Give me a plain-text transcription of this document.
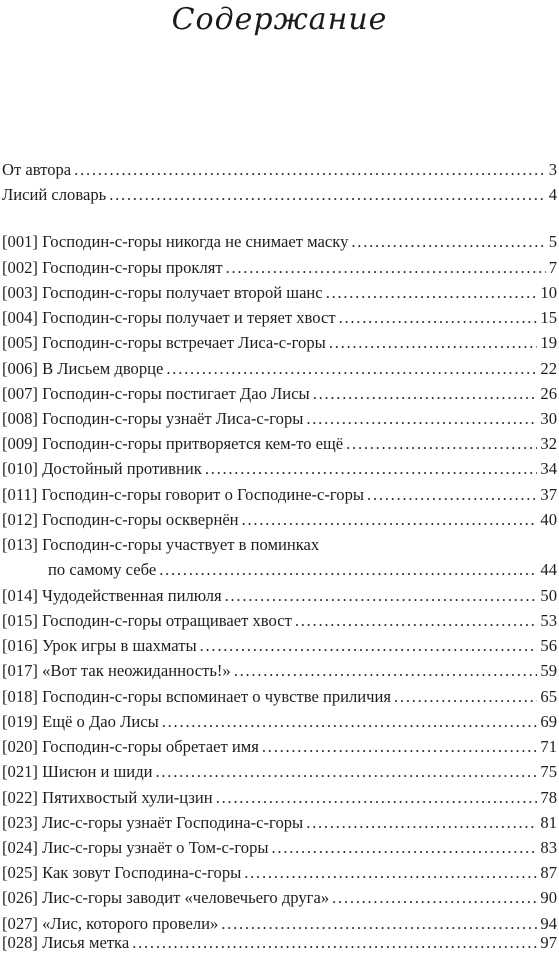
Содержание
От автора . . .	3
Лисий словарь . . .	4
[001] Господин-с-горы никогда не снимает маску . . .	5
[002] Господин-с-горы проклят . . .	7
[003] Господин-с-горы получает второй шанс . . .	10
[004] Господин-с-горы получает и теряет хвост . . .	15
[005] Господин-с-горы встречает Лиса-с-горы . . .	19
[006] В Лисьем дворце . . .	22
[007] Господин-с-горы постигает Дао Лисы . . .	26
[008] Господин-с-горы узнаёт Лиса-с-горы . . .	30
[009] Господин-с-горы притворяется кем-то ещё . . .	32
[010] Достойный противник . . .	34
[011] Господин-с-горы говорит о Господине-с-горы . . .	37
[012] Господин-с-горы осквернён . . .	40
[013] Господин-с-горы участвует в поминках
по самому себе . . .	44
[014] Чудодейственная пилюля . . .	50
[015] Господин-с-горы отращивает хвост . . .	53
[016] Урок игры в шахматы . . .	56
[017] «Вот так неожиданность!» . . .	59
[018] Господин-с-горы вспоминает о чувстве приличия . . .	65
[019] Ещё о Дао Лисы . . .	69
[020] Господин-с-горы обретает имя . . .	71
[021] Шисюн и шиди . . .	75
[022] Пятихвостый хули-цзин . . .	78
[023] Лис-с-горы узнаёт Господина-с-горы . . .	81
[024] Лис-с-горы узнаёт о Том-с-горы . . .	83
[025] Как зовут Господина-с-горы . . .	87
[026] Лис-с-горы заводит «человечьего друга» . . .	90
[027] «Лис, которого провели» . . .	94
[028] Лисья метка . . .	97
